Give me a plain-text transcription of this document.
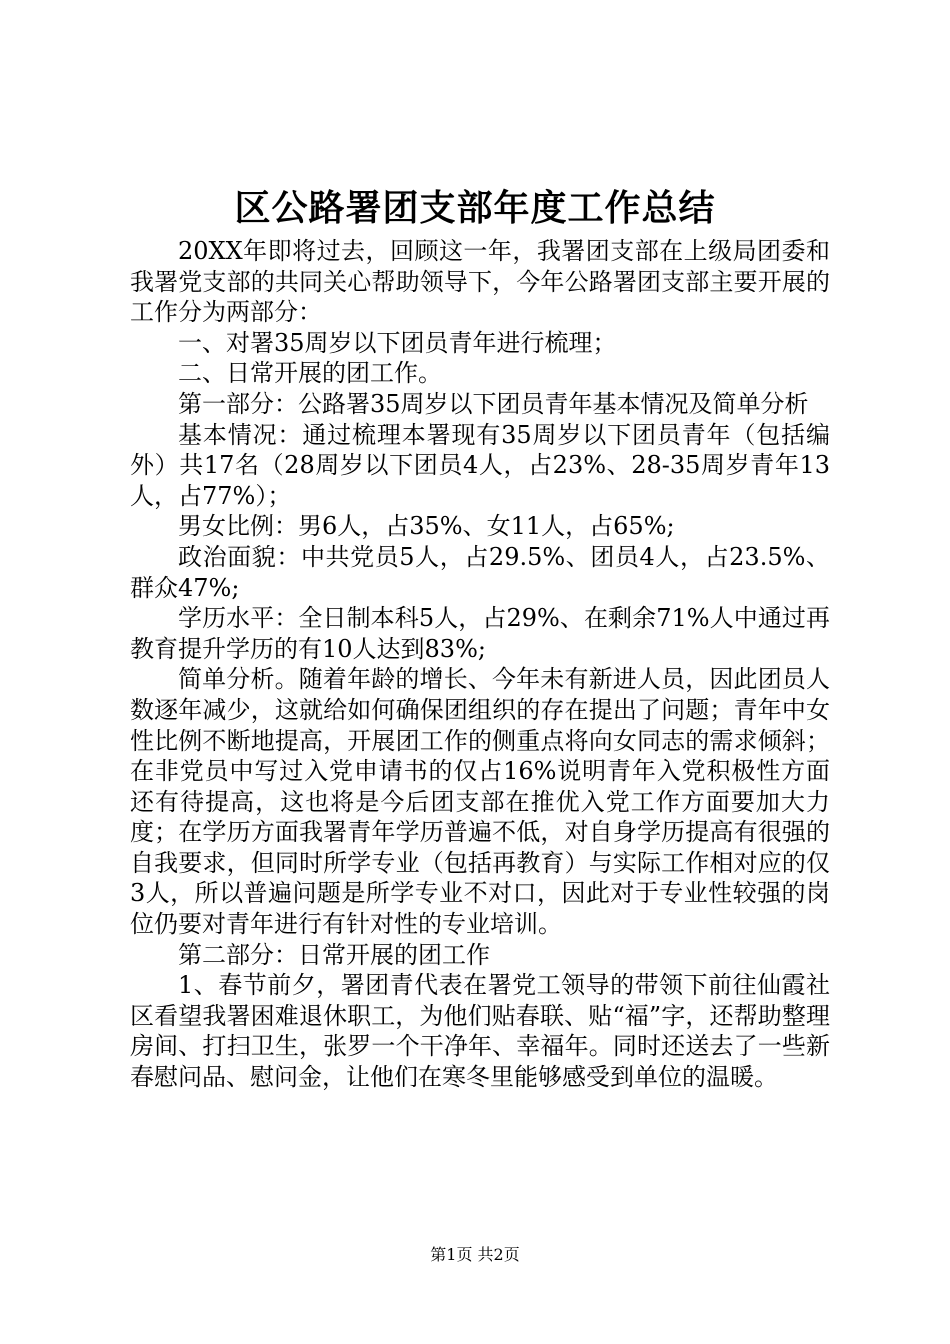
区公路署团支部年度工作总结

20XX年即将过去，回顾这一年，我署团支部在上级局团委和我署党支部的共同关心帮助领导下，今年公路署团支部主要开展的工作分为两部分：

一、对署35周岁以下团员青年进行梳理；

二、日常开展的团工作。

第一部分：公路署35周岁以下团员青年基本情况及简单分析

基本情况：通过梳理本署现有35周岁以下团员青年（包括编外）共17名（28周岁以下团员4人，占23%、28-35周岁青年13人，占77%）；

男女比例：男6人，占35%、女11人，占65%;

政治面貌：中共党员5人，占29.5%、团员4人，占23.5%、群众47%;

学历水平：全日制本科5人，占29%、在剩余71%人中通过再教育提升学历的有10人达到83%;

简单分析。随着年龄的增长、今年未有新进人员，因此团员人数逐年减少，这就给如何确保团组织的存在提出了问题；青年中女性比例不断地提高，开展团工作的侧重点将向女同志的需求倾斜；在非党员中写过入党申请书的仅占16%说明青年入党积极性方面还有待提高，这也将是今后团支部在推优入党工作方面要加大力度；在学历方面我署青年学历普遍不低，对自身学历提高有很强的自我要求，但同时所学专业（包括再教育）与实际工作相对应的仅3人，所以普遍问题是所学专业不对口，因此对于专业性较强的岗位仍要对青年进行有针对性的专业培训。

第二部分：日常开展的团工作

1、春节前夕，署团青代表在署党工领导的带领下前往仙霞社区看望我署困难退休职工，为他们贴春联、贴“福”字，还帮助整理房间、打扫卫生，张罗一个干净年、幸福年。同时还送去了一些新春慰问品、慰问金，让他们在寒冬里能够感受到单位的温暖。

第1页 共2页
